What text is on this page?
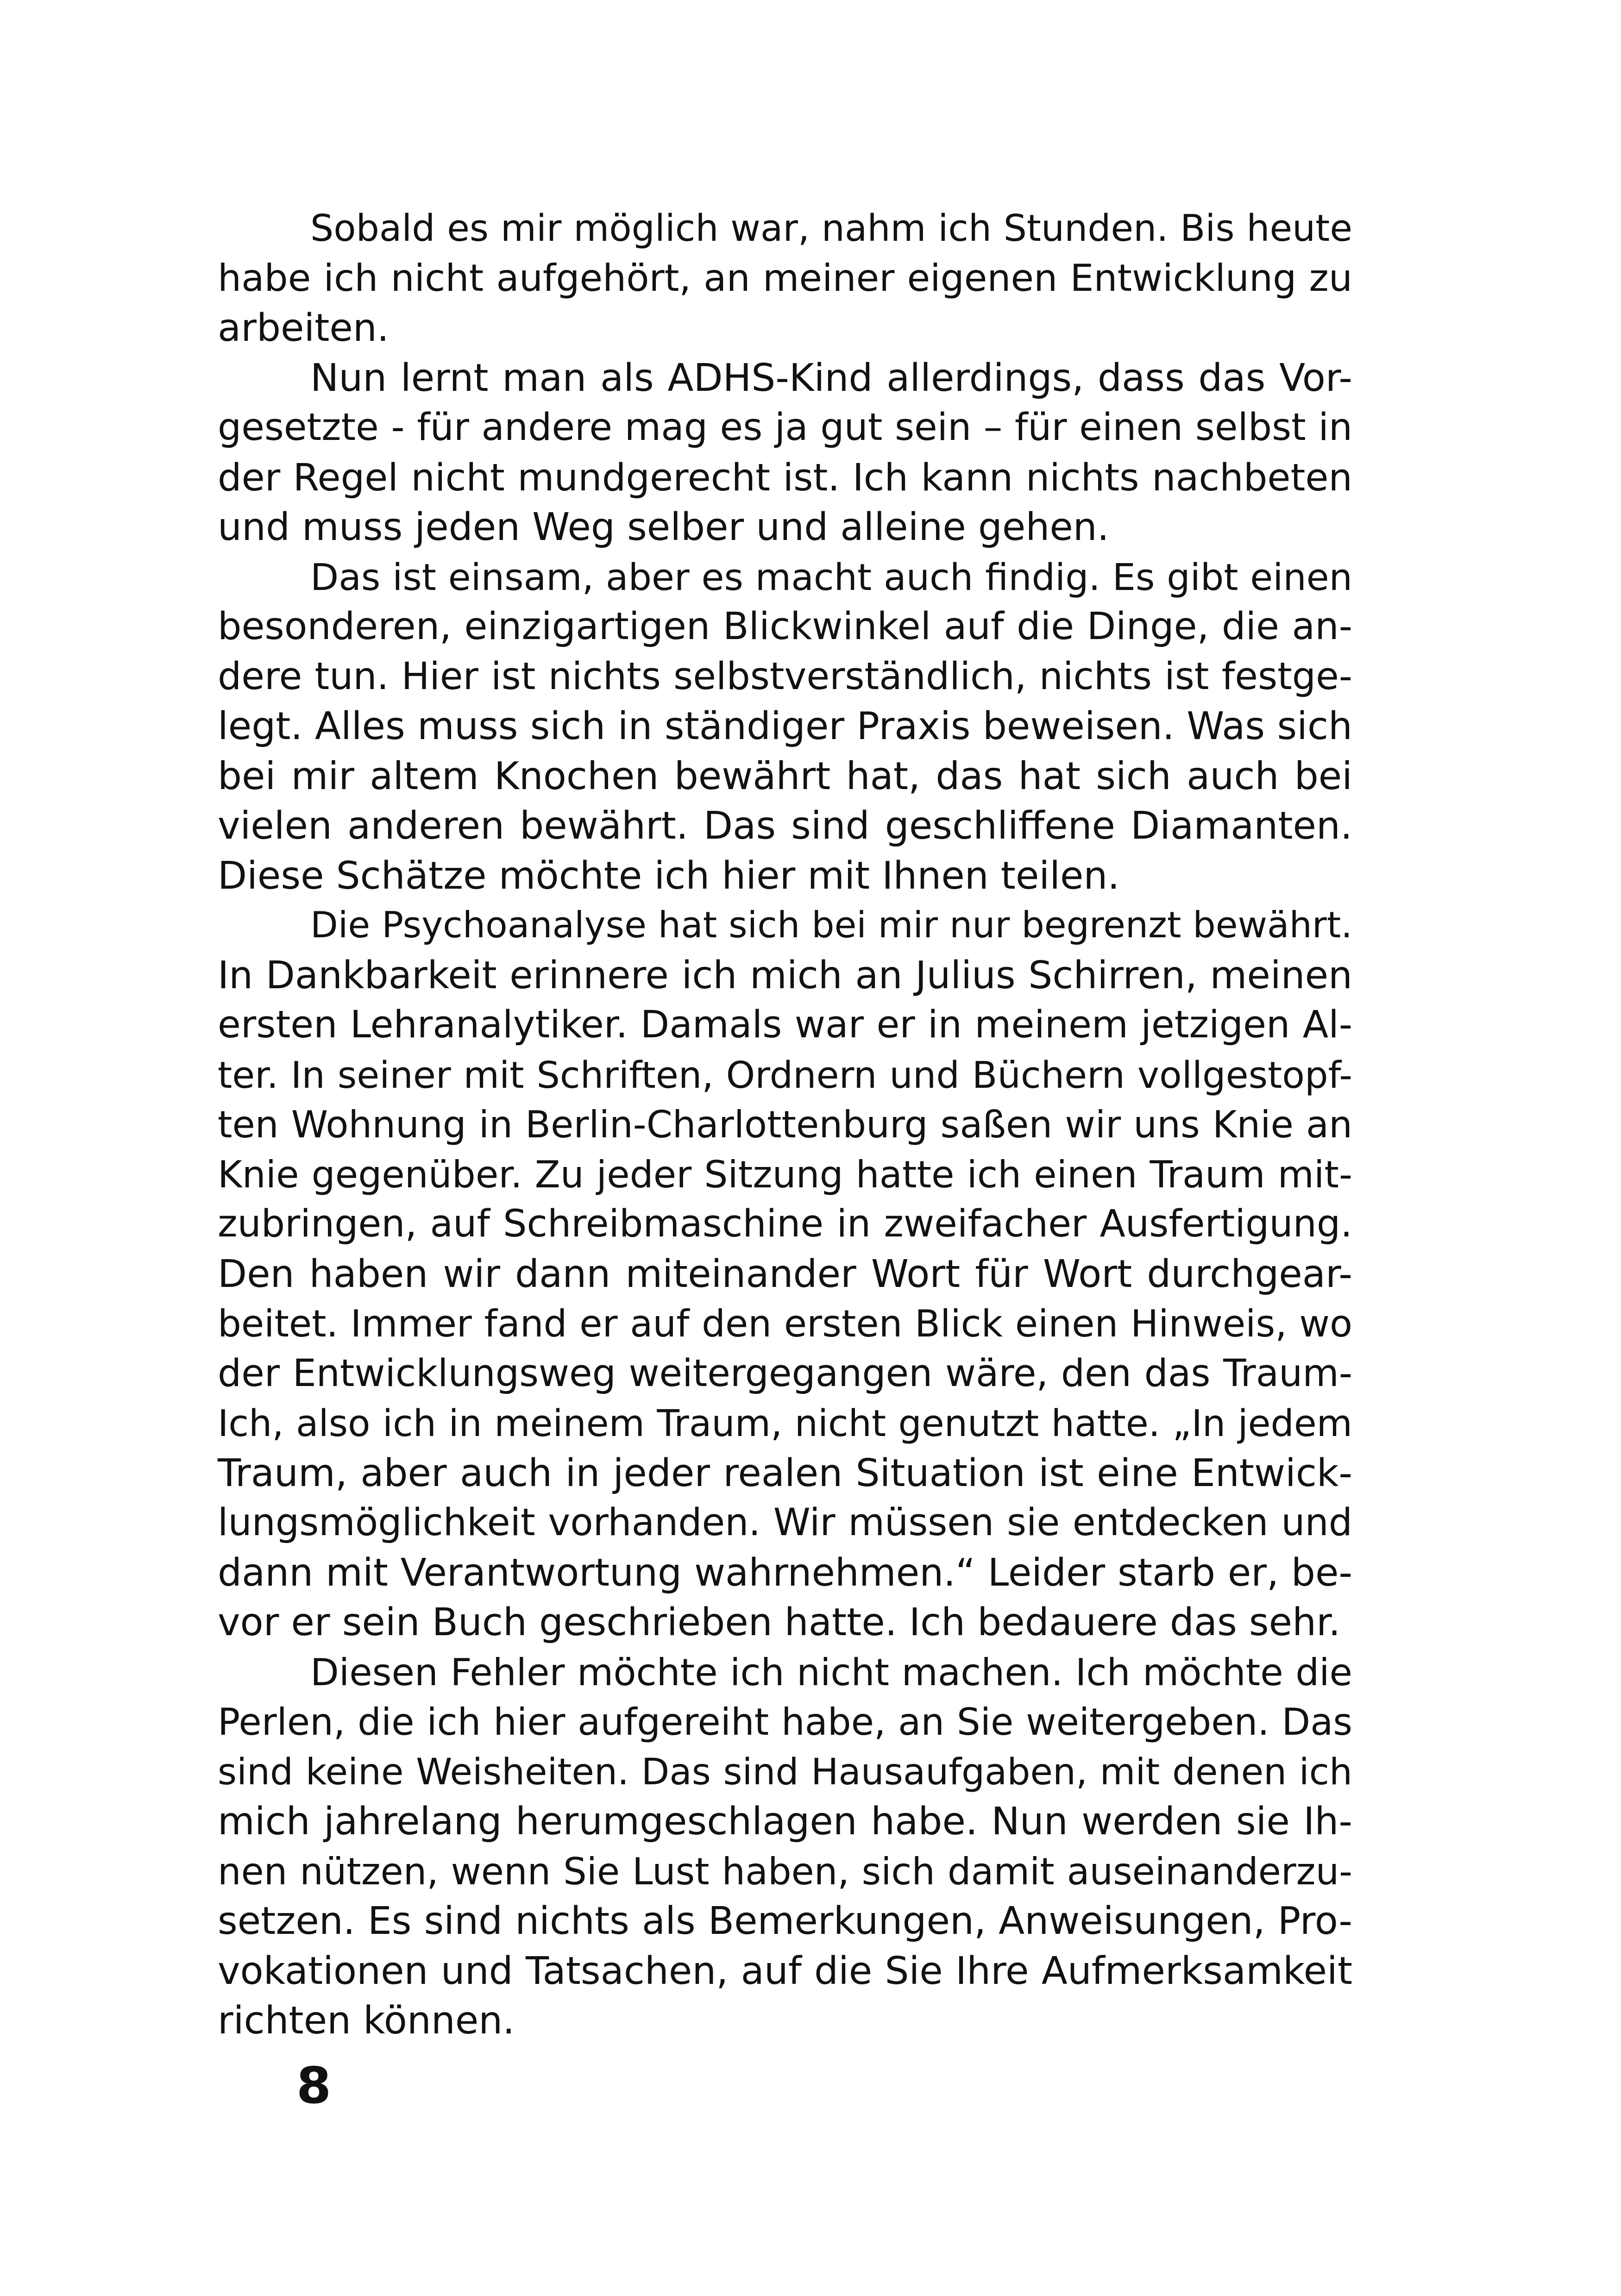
Sobald es mir möglich war, nahm ich Stunden. Bis heute
habe ich nicht aufgehört, an meiner eigenen Entwicklung zu
arbeiten.
Nun lernt man als ADHS-Kind allerdings, dass das Vor-
gesetzte - für andere mag es ja gut sein – für einen selbst in
der Regel nicht mundgerecht ist. Ich kann nichts nachbeten
und muss jeden Weg selber und alleine gehen.
Das ist einsam, aber es macht auch findig. Es gibt einen
besonderen, einzigartigen Blickwinkel auf die Dinge, die an-
dere tun. Hier ist nichts selbstverständlich, nichts ist festge-
legt. Alles muss sich in ständiger Praxis beweisen. Was sich
bei mir altem Knochen bewährt hat, das hat sich auch bei
vielen anderen bewährt. Das sind geschliffene Diamanten.
Diese Schätze möchte ich hier mit Ihnen teilen.
Die Psychoanalyse hat sich bei mir nur begrenzt bewährt.
In Dankbarkeit erinnere ich mich an Julius Schirren, meinen
ersten Lehranalytiker. Damals war er in meinem jetzigen Al-
ter. In seiner mit Schriften, Ordnern und Büchern vollgestopf-
ten Wohnung in Berlin-Charlottenburg saßen wir uns Knie an
Knie gegenüber. Zu jeder Sitzung hatte ich einen Traum mit-
zubringen, auf Schreibmaschine in zweifacher Ausfertigung.
Den haben wir dann miteinander Wort für Wort durchgear-
beitet. Immer fand er auf den ersten Blick einen Hinweis, wo
der Entwicklungsweg weitergegangen wäre, den das Traum-
Ich, also ich in meinem Traum, nicht genutzt hatte. „In jedem
Traum, aber auch in jeder realen Situation ist eine Entwick-
lungsmöglichkeit vorhanden. Wir müssen sie entdecken und
dann mit Verantwortung wahrnehmen.“ Leider starb er, be-
vor er sein Buch geschrieben hatte. Ich bedauere das sehr.
Diesen Fehler möchte ich nicht machen. Ich möchte die
Perlen, die ich hier aufgereiht habe, an Sie weitergeben. Das
sind keine Weisheiten. Das sind Hausaufgaben, mit denen ich
mich jahrelang herumgeschlagen habe. Nun werden sie Ih-
nen nützen, wenn Sie Lust haben, sich damit auseinanderzu-
setzen. Es sind nichts als Bemerkungen, Anweisungen, Pro-
vokationen und Tatsachen, auf die Sie Ihre Aufmerksamkeit
richten können.
8
